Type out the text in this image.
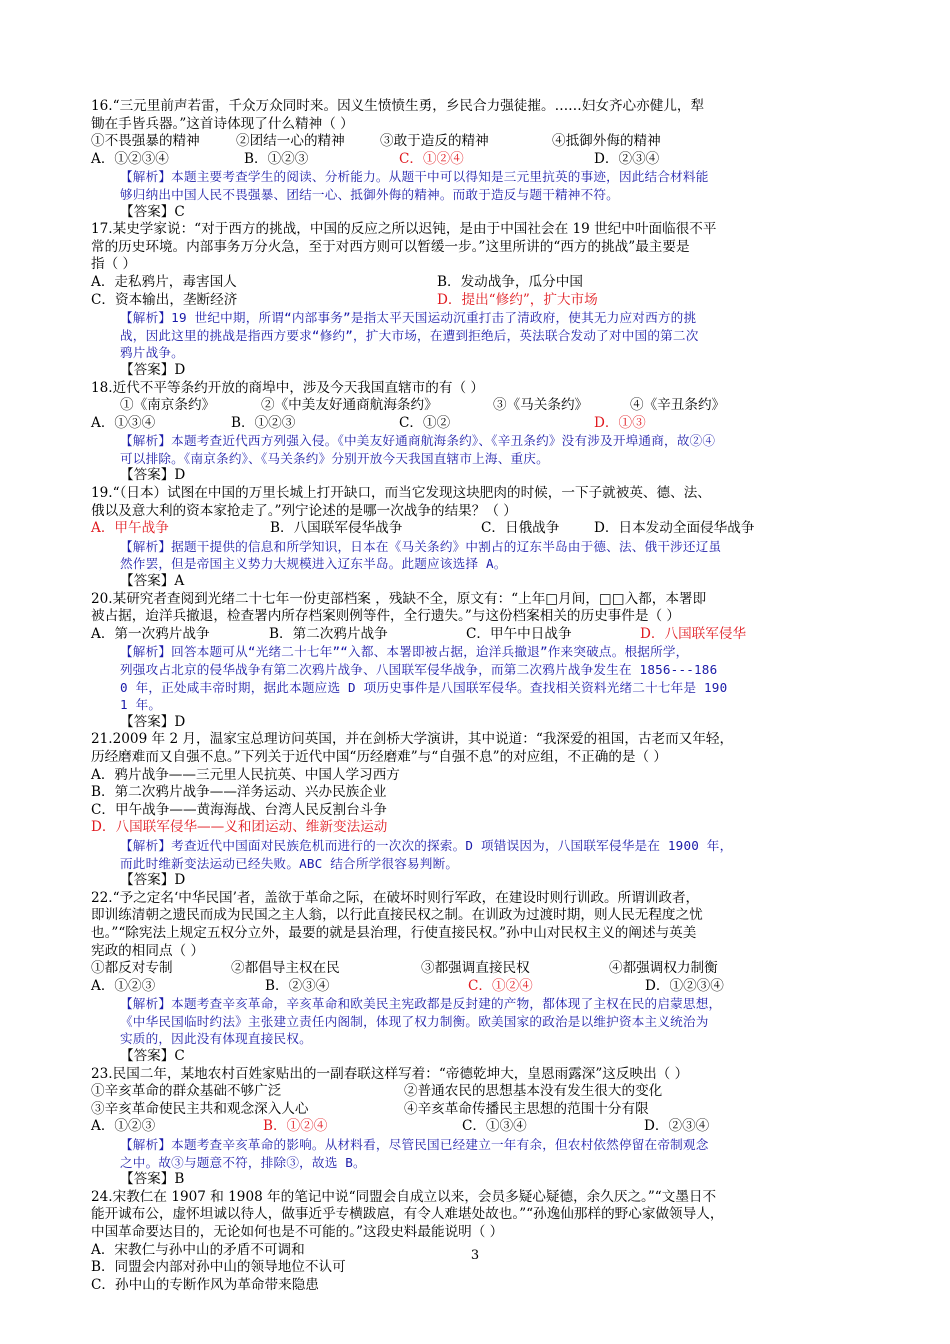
16.“三元里前声若雷，千众万众同时来。因义生愤愤生勇，乡民合力强徒摧。……妇女齐心亦健儿，犁
锄在手皆兵器。”这首诗体现了什么精神（ ）
①不畏强暴的精神	②团结一心的精神	③敢于造反的精神	④抵御外侮的精神
A．①②③④	B．①②③	C．①②④	D．②③④
【解析】本题主要考查学生的阅读、分析能力。从题干中可以得知是三元里抗英的事迹，因此结合材料能
够归纳出中国人民不畏强暴、团结一心、抵御外侮的精神。而敢于造反与题干精神不符。
【答案】C
17.某史学家说：“对于西方的挑战，中国的反应之所以迟钝，是由于中国社会在 19 世纪中叶面临很不平
常的历史环境。内部事务万分火急，至于对西方则可以暂缓一步。”这里所讲的“西方的挑战”最主要是
指（ ）
A．走私鸦片，毒害国人	B．发动战争，瓜分中国
C．资本输出，垄断经济	D．提出“修约”，扩大市场
【解析】19 世纪中期，所谓“内部事务”是指太平天国运动沉重打击了清政府，使其无力应对西方的挑
战，因此这里的挑战是指西方要求“修约”，扩大市场，在遭到拒绝后，英法联合发动了对中国的第二次
鸦片战争。
【答案】D
18.近代不平等条约开放的商埠中，涉及今天我国直辖市的有（ ）
①《南京条约》	②《中美友好通商航海条约》	③《马关条约》	④《辛丑条约》
A．①③④	B．①②③	C．①②	D．①③
【解析】本题考查近代西方列强入侵。《中美友好通商航海条约》、《辛丑条约》没有涉及开埠通商，故②④
可以排除。《南京条约》、《马关条约》分别开放今天我国直辖市上海、重庆。
【答案】D
19.“（日本）试图在中国的万里长城上打开缺口，而当它发现这块肥肉的时候，一下子就被英、德、法、
俄以及意大利的资本家抢走了。”列宁论述的是哪一次战争的结果？（ ）
A．甲午战争	B．八国联军侵华战争	C．日俄战争	D．日本发动全面侵华战争
【解析】据题干提供的信息和所学知识，日本在《马关条约》中割占的辽东半岛由于德、法、俄干涉还辽虽
然作罢，但是帝国主义势力大规模进入辽东半岛。此题应该选择 A。
【答案】A
20.某研究者查阅到光绪二十七年一份吏部档案 ，残缺不全，原文有：“上年□月间，□□入都，本署即
被占据，迨洋兵撤退，检查署内所存档案则例等件，全行遗失。”与这份档案相关的历史事件是（ ）
A．第一次鸦片战争	B．第二次鸦片战争	C．甲午中日战争	D．八国联军侵华
【解析】回答本题可从“光绪二十七年”“入都、本署即被占据，迨洋兵撤退”作来突破点。根据所学，
列强攻占北京的侵华战争有第二次鸦片战争、八国联军侵华战争，而第二次鸦片战争发生在 1856---186
0 年，正处咸丰帝时期，据此本题应选 D 项历史事件是八国联军侵华。查找相关资料光绪二十七年是 190
1 年。
【答案】D
21.2009 年 2 月，温家宝总理访问英国，并在剑桥大学演讲，其中说道：“我深爱的祖国，古老而又年轻，
历经磨难而又自强不息。”下列关于近代中国“历经磨难”与“自强不息”的对应组，不正确的是（ ）
A．鸦片战争——三元里人民抗英、中国人学习西方
B．第二次鸦片战争——洋务运动、兴办民族企业
C．甲午战争——黄海海战、台湾人民反割台斗争
D．八国联军侵华——义和团运动、维新变法运动
【解析】考查近代中国面对民族危机而进行的一次次的探索。D 项错误因为，八国联军侵华是在 1900 年，
而此时维新变法运动已经失败。ABC 结合所学很容易判断。
【答案】D
22.“予之定名‘中华民国’者，盖欲于革命之际，在破坏时则行军政，在建设时则行训政。所谓训政者，
即训练清朝之遗民而成为民国之主人翁，以行此直接民权之制。在训政为过渡时期，则人民无程度之忧
也。”“除宪法上规定五权分立外，最要的就是县治理，行使直接民权。”孙中山对民权主义的阐述与英美
宪政的相同点（ ）
①都反对专制	②都倡导主权在民	③都强调直接民权	④都强调权力制衡
A．①②③	B．②③④	C．①②④	D．①②③④
【解析】本题考查辛亥革命，辛亥革命和欧美民主宪政都是反封建的产物，都体现了主权在民的启蒙思想，
《中华民国临时约法》主张建立责任内阁制，体现了权力制衡。欧美国家的政治是以维护资本主义统治为
实质的，因此没有体现直接民权。
【答案】C
23.民国二年，某地农村百姓家贴出的一副春联这样写着：“帝德乾坤大，皇恩雨露深”这反映出（ ）
①辛亥革命的群众基础不够广泛	②普通农民的思想基本没有发生很大的变化
③辛亥革命使民主共和观念深入人心	④辛亥革命传播民主思想的范围十分有限
A．①②③	B．①②④	C．①③④	D．②③④
【解析】本题考查辛亥革命的影响。从材料看，尽管民国已经建立一年有余，但农村依然停留在帝制观念
之中。故③与题意不符，排除③，故选 B。
【答案】B
24.宋教仁在 1907 和 1908 年的笔记中说“同盟会自成立以来，会员多疑心疑德，余久厌之。”“文墨日不
能开诚布公，虚怀坦诚以待人，做事近乎专横跋扈，有令人难堪处故也。”“孙逸仙那样的野心家做领导人，
中国革命要达目的，无论如何也是不可能的。”这段史料最能说明（ ）
A．宋教仁与孙中山的矛盾不可调和
B．同盟会内部对孙中山的领导地位不认可
C．孙中山的专断作风为革命带来隐患
3
